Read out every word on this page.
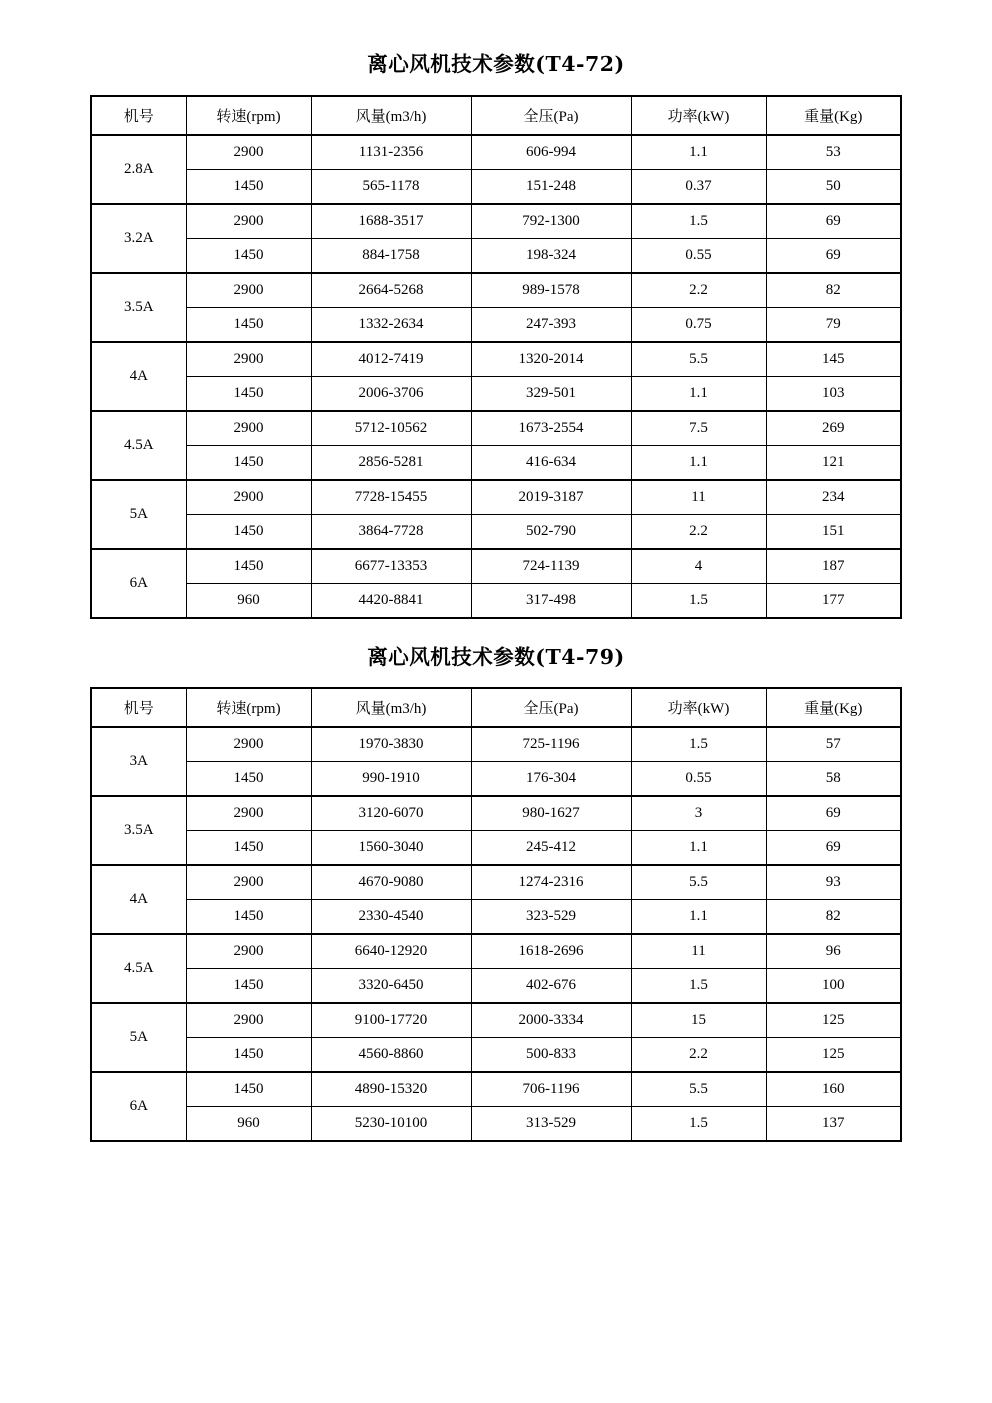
离心风机技术参数(T4-72)
机号	转速(rpm)	风量(m3/h)	全压(Pa)	功率(kW)	重量(Kg)
2.8A	2900	1131-2356	606-994	1.1	53
	1450	565-1178	151-248	0.37	50
3.2A	2900	1688-3517	792-1300	1.5	69
	1450	884-1758	198-324	0.55	69
3.5A	2900	2664-5268	989-1578	2.2	82
	1450	1332-2634	247-393	0.75	79
4A	2900	4012-7419	1320-2014	5.5	145
	1450	2006-3706	329-501	1.1	103
4.5A	2900	5712-10562	1673-2554	7.5	269
	1450	2856-5281	416-634	1.1	121
5A	2900	7728-15455	2019-3187	11	234
	1450	3864-7728	502-790	2.2	151
6A	1450	6677-13353	724-1139	4	187
	960	4420-8841	317-498	1.5	177
离心风机技术参数(T4-79)
机号	转速(rpm)	风量(m3/h)	全压(Pa)	功率(kW)	重量(Kg)
3A	2900	1970-3830	725-1196	1.5	57
	1450	990-1910	176-304	0.55	58
3.5A	2900	3120-6070	980-1627	3	69
	1450	1560-3040	245-412	1.1	69
4A	2900	4670-9080	1274-2316	5.5	93
	1450	2330-4540	323-529	1.1	82
4.5A	2900	6640-12920	1618-2696	11	96
	1450	3320-6450	402-676	1.5	100
5A	2900	9100-17720	2000-3334	15	125
	1450	4560-8860	500-833	2.2	125
6A	1450	4890-15320	706-1196	5.5	160
	960	5230-10100	313-529	1.5	137
